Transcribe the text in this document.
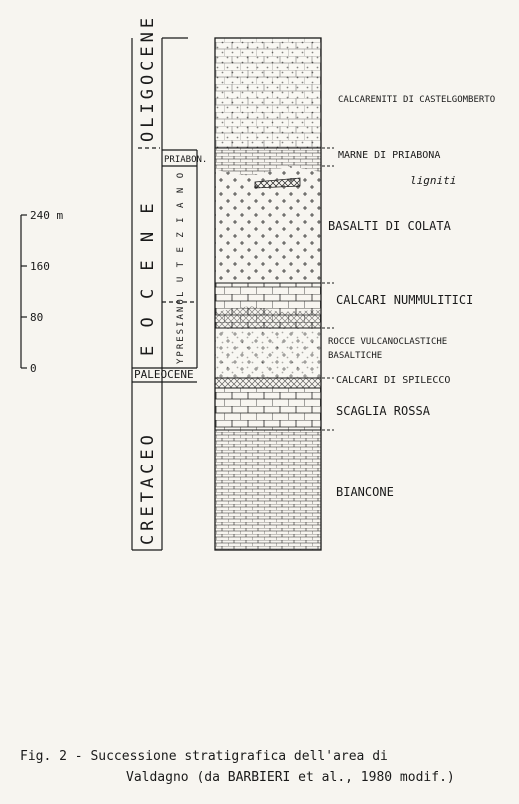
OLIGOCENE
E O C E N E
PALEOCENE
CRETACEO
PRIABON.
L U T E Z I A N O
YPRESIANO
240 m
160
80
0
CALCARENITI DI CASTELGOMBERTO
MARNE DI PRIABONA
ligniti
BASALTI DI COLATA
CALCARI NUMMULITICI
ROCCE VULCANOCLASTICHE
BASALTICHE
CALCARI DI SPILECCO
SCAGLIA ROSSA
BIANCONE
Fig. 2 - Successione stratigrafica dell'area di
Valdagno (da BARBIERI et al., 1980 modif.)
